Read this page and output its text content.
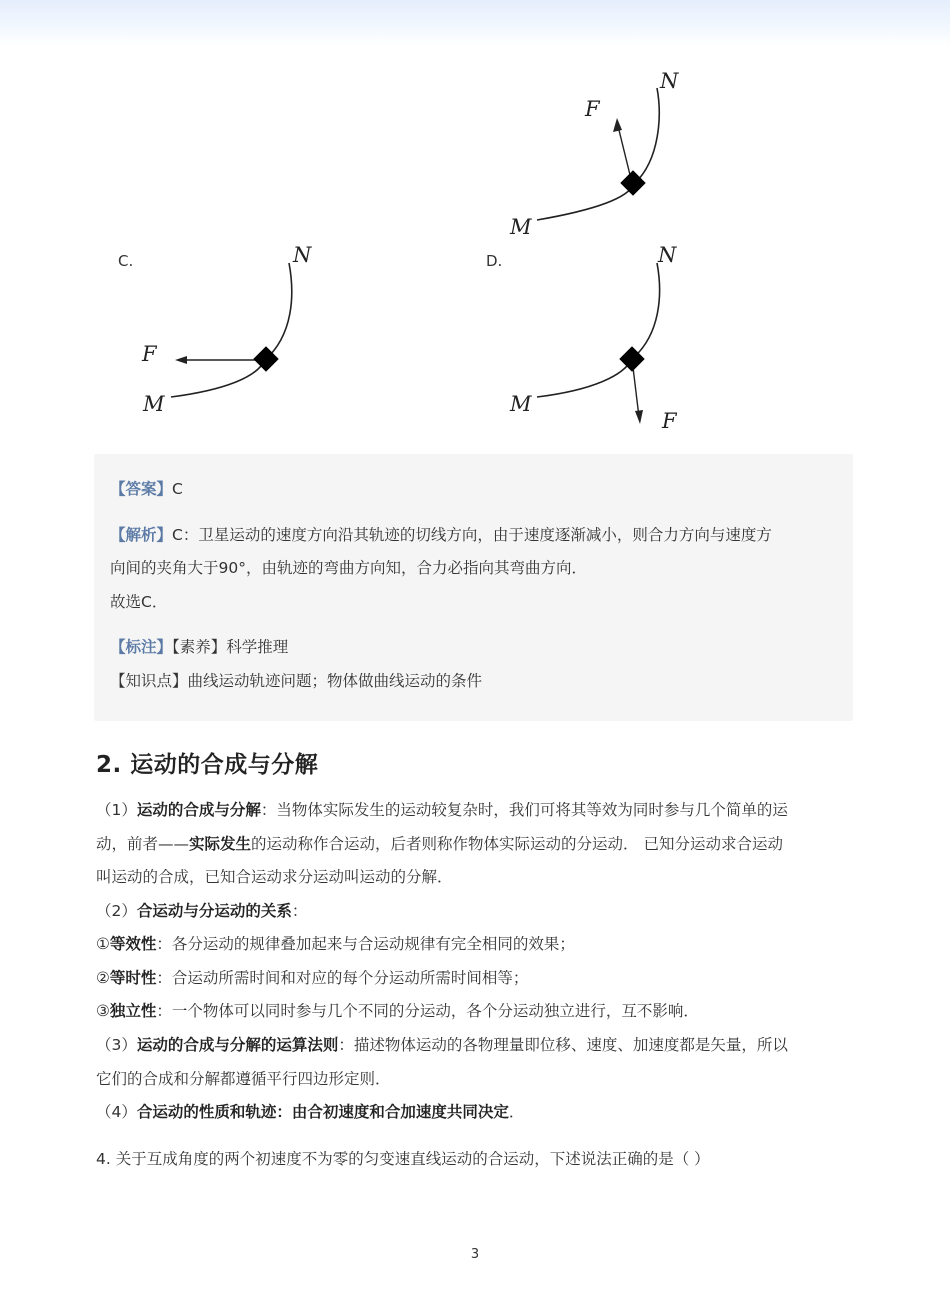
N
F
M
C.	N
F
M
D.	N
F
M
【答案】C
【解析】C：卫星运动的速度方向沿其轨迹的切线方向，由于速度逐渐减小，则合力方向与速度方
向间的夹角大于90°，由轨迹的弯曲方向知，合力必指向其弯曲方向．
故选C．
【标注】【素养】科学推理
【知识点】曲线运动轨迹问题；物体做曲线运动的条件
2. 运动的合成与分解
（1）运动的合成与分解：当物体实际发生的运动较复杂时，我们可将其等效为同时参与几个简单的运
动，前者——实际发生的运动称作合运动，后者则称作物体实际运动的分运动． 已知分运动求合运动
叫运动的合成，已知合运动求分运动叫运动的分解．
（2）合运动与分运动的关系：
①等效性：各分运动的规律叠加起来与合运动规律有完全相同的效果；
②等时性：合运动所需时间和对应的每个分运动所需时间相等；
③独立性：一个物体可以同时参与几个不同的分运动，各个分运动独立进行，互不影响．
（3）运动的合成与分解的运算法则：描述物体运动的各物理量即位移、速度、加速度都是矢量，所以
它们的合成和分解都遵循平行四边形定则．
（4）合运动的性质和轨迹：由合初速度和合加速度共同决定．
4. 关于互成角度的两个初速度不为零的匀变速直线运动的合运动，下述说法正确的是（ ）
3
